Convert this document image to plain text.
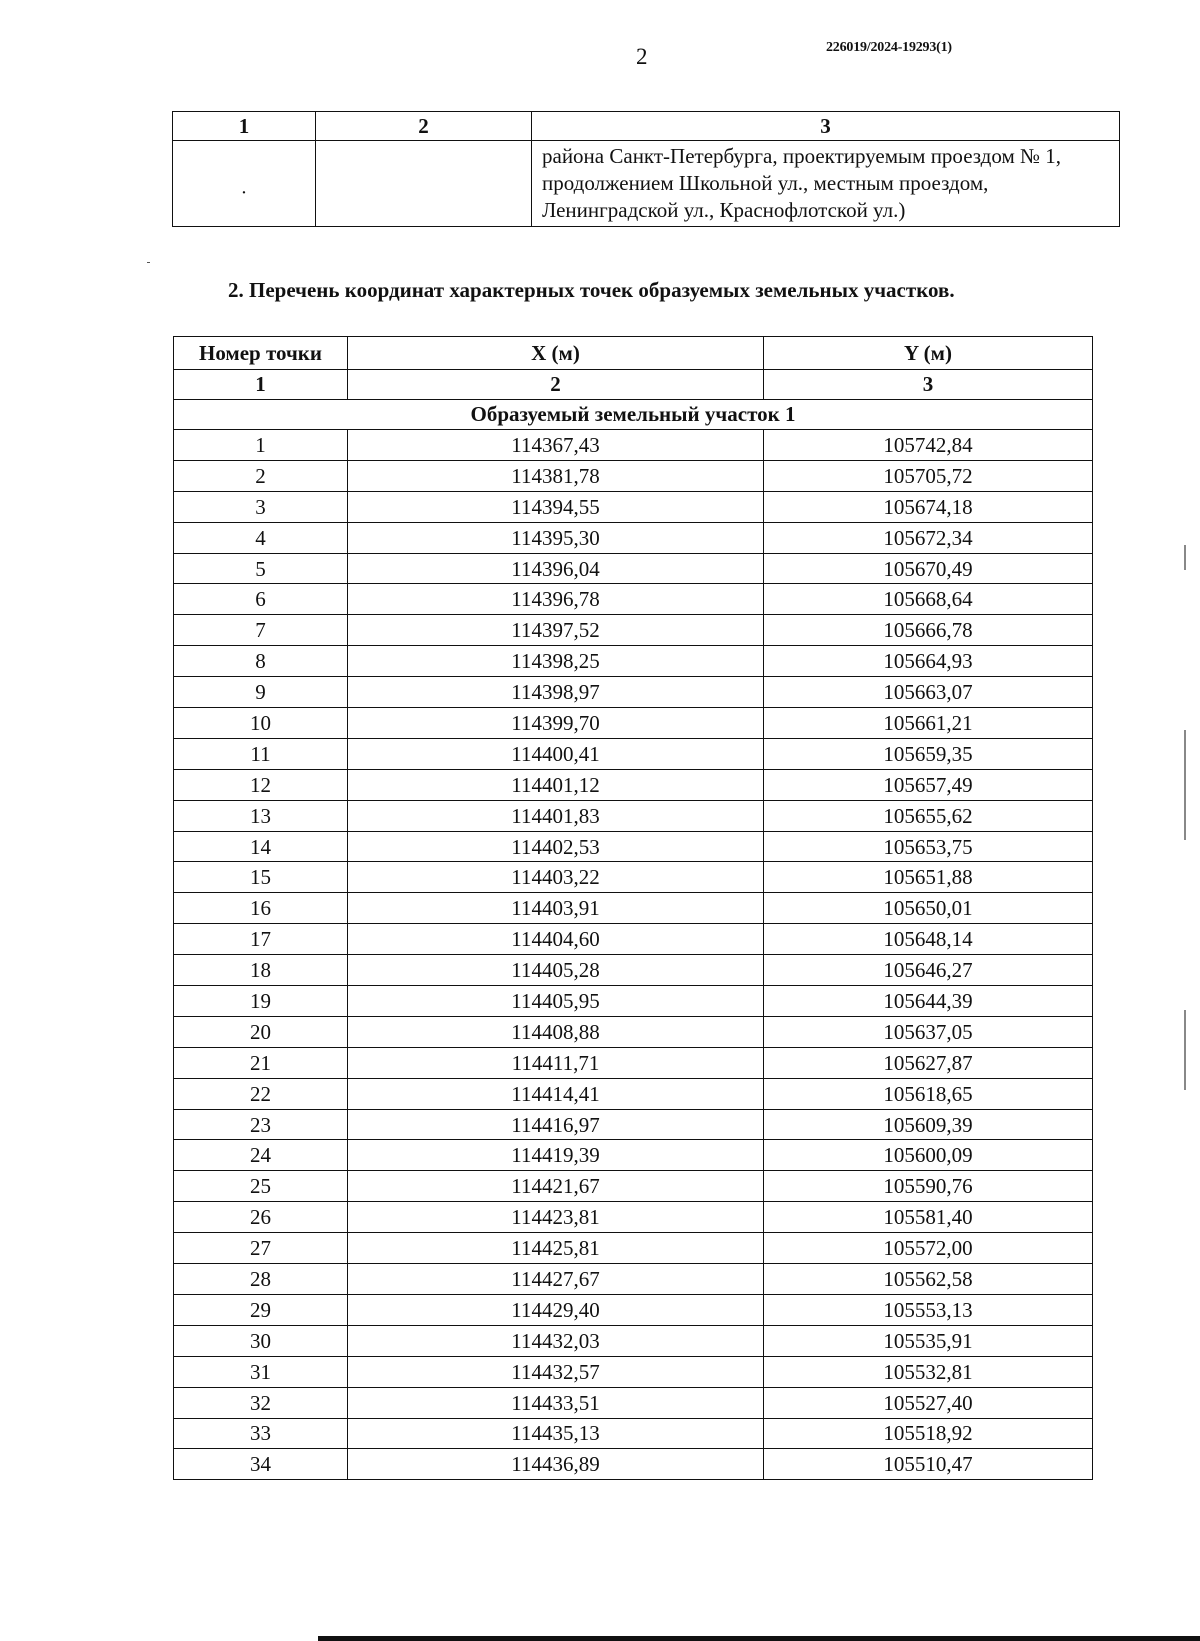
2	226019/2024-19293(1)
1	2	3
·		района Санкт-Петербурга, проектируемым проездом № 1, продолжением Школьной ул., местным проездом, Ленинградской ул., Краснофлотской ул.)
2. Перечень координат характерных точек образуемых земельных участков.
Номер точки	X (м)	Y (м)
1	2	3
Образуемый земельный участок 1		
1	114367,43	105742,84
2	114381,78	105705,72
3	114394,55	105674,18
4	114395,30	105672,34
5	114396,04	105670,49
6	114396,78	105668,64
7	114397,52	105666,78
8	114398,25	105664,93
9	114398,97	105663,07
10	114399,70	105661,21
11	114400,41	105659,35
12	114401,12	105657,49
13	114401,83	105655,62
14	114402,53	105653,75
15	114403,22	105651,88
16	114403,91	105650,01
17	114404,60	105648,14
18	114405,28	105646,27
19	114405,95	105644,39
20	114408,88	105637,05
21	114411,71	105627,87
22	114414,41	105618,65
23	114416,97	105609,39
24	114419,39	105600,09
25	114421,67	105590,76
26	114423,81	105581,40
27	114425,81	105572,00
28	114427,67	105562,58
29	114429,40	105553,13
30	114432,03	105535,91
31	114432,57	105532,81
32	114433,51	105527,40
33	114435,13	105518,92
34	114436,89	105510,47
